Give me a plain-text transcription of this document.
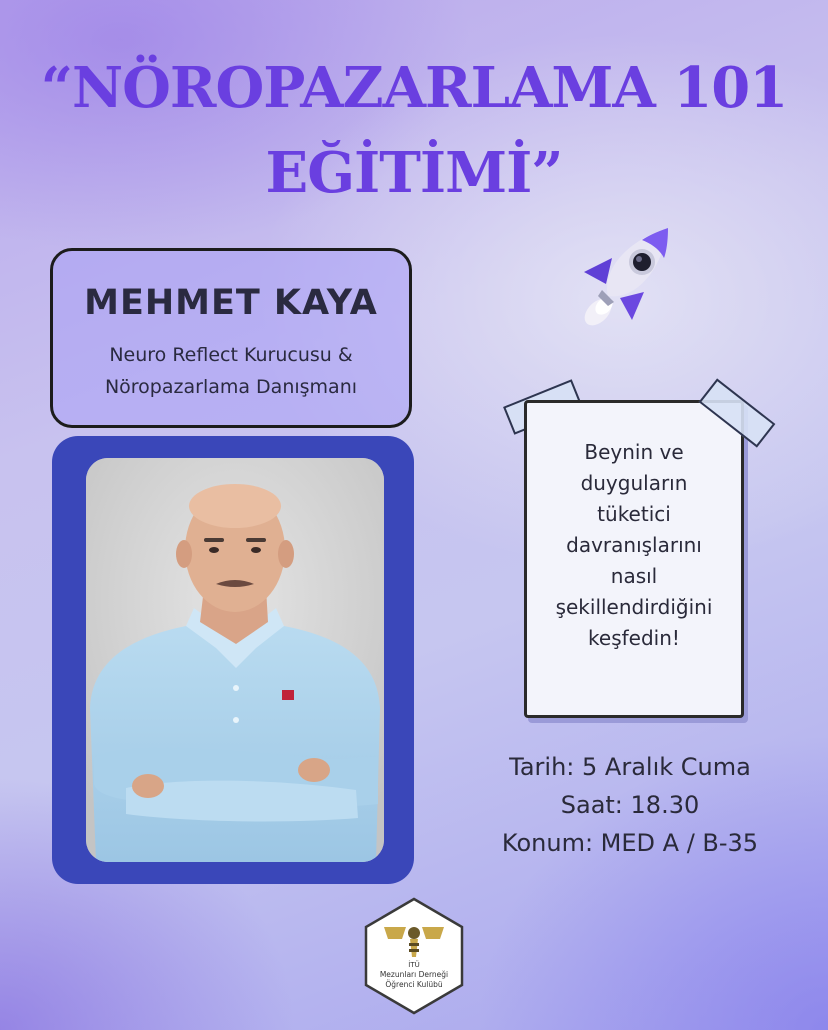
“NÖROPAZARLAMA 101
EĞİTİMİ”
MEHMET KAYA
Neuro Reflect Kurucusu &
Nöropazarlama Danışmanı

Beynin ve

duyguların

tüketici

davranışlarını

nasıl

şekillendirdiğini

keşfedin!

Tarih: 5 Aralık Cuma
Saat: 18.30
Konum: MED A / B-35
İTÜ
Mezunları Derneği
Öğrenci Kulübü
